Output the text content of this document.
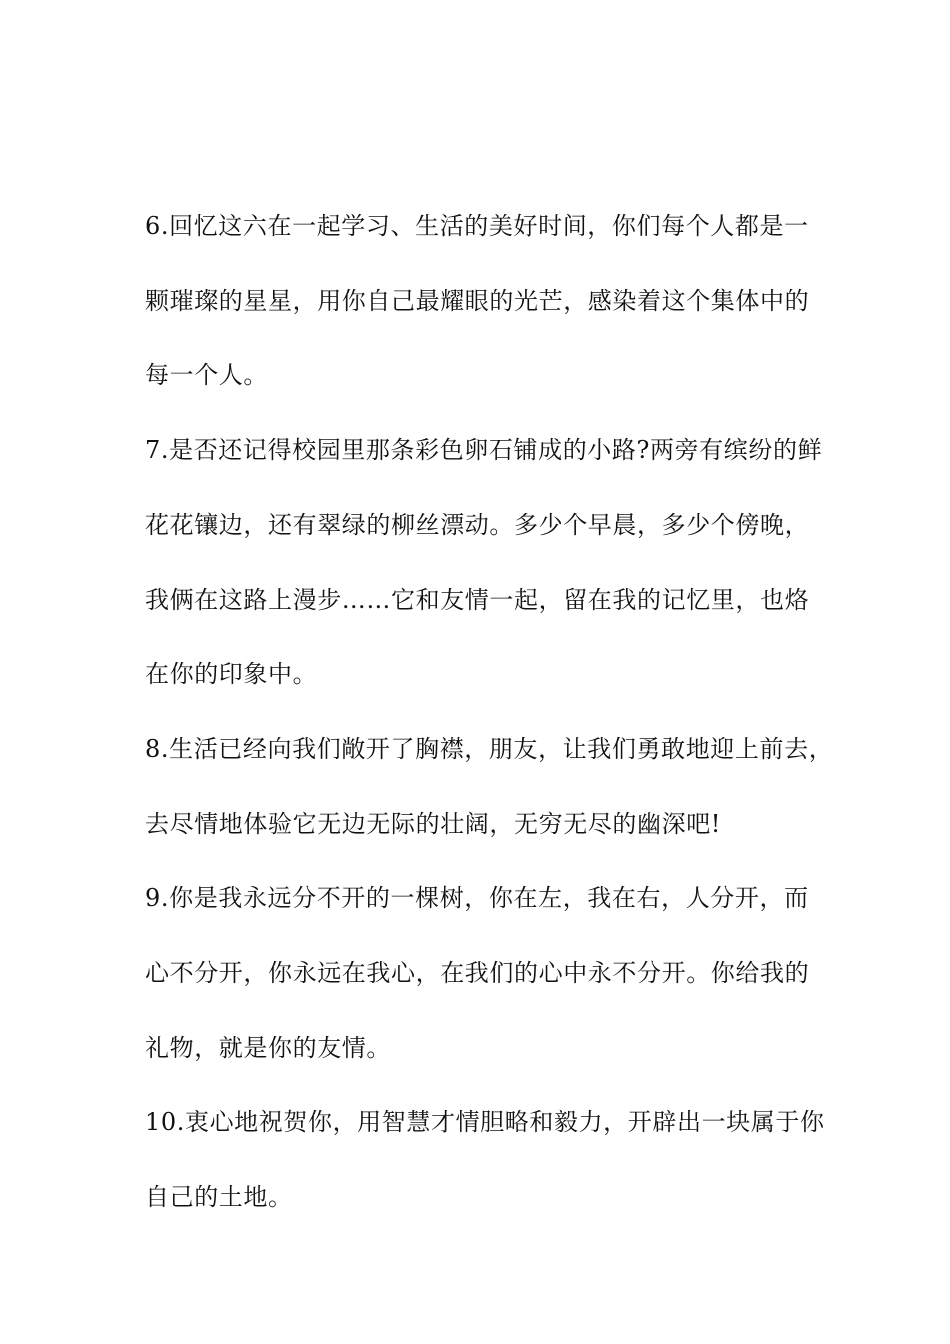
6.回忆这六在一起学习、生活的美好时间，你们每个人都是一
颗璀璨的星星，用你自己最耀眼的光芒，感染着这个集体中的
每一个人。
7.是否还记得校园里那条彩色卵石铺成的小路?两旁有缤纷的鲜
花花镶边，还有翠绿的柳丝漂动。多少个早晨，多少个傍晚，
我俩在这路上漫步……它和友情一起，留在我的记忆里，也烙
在你的印象中。
8.生活已经向我们敞开了胸襟，朋友，让我们勇敢地迎上前去，
去尽情地体验它无边无际的壮阔，无穷无尽的幽深吧!
9.你是我永远分不开的一棵树，你在左，我在右，人分开，而
心不分开，你永远在我心，在我们的心中永不分开。你给我的
礼物，就是你的友情。
10.衷心地祝贺你，用智慧才情胆略和毅力，开辟出一块属于你
自己的土地。
